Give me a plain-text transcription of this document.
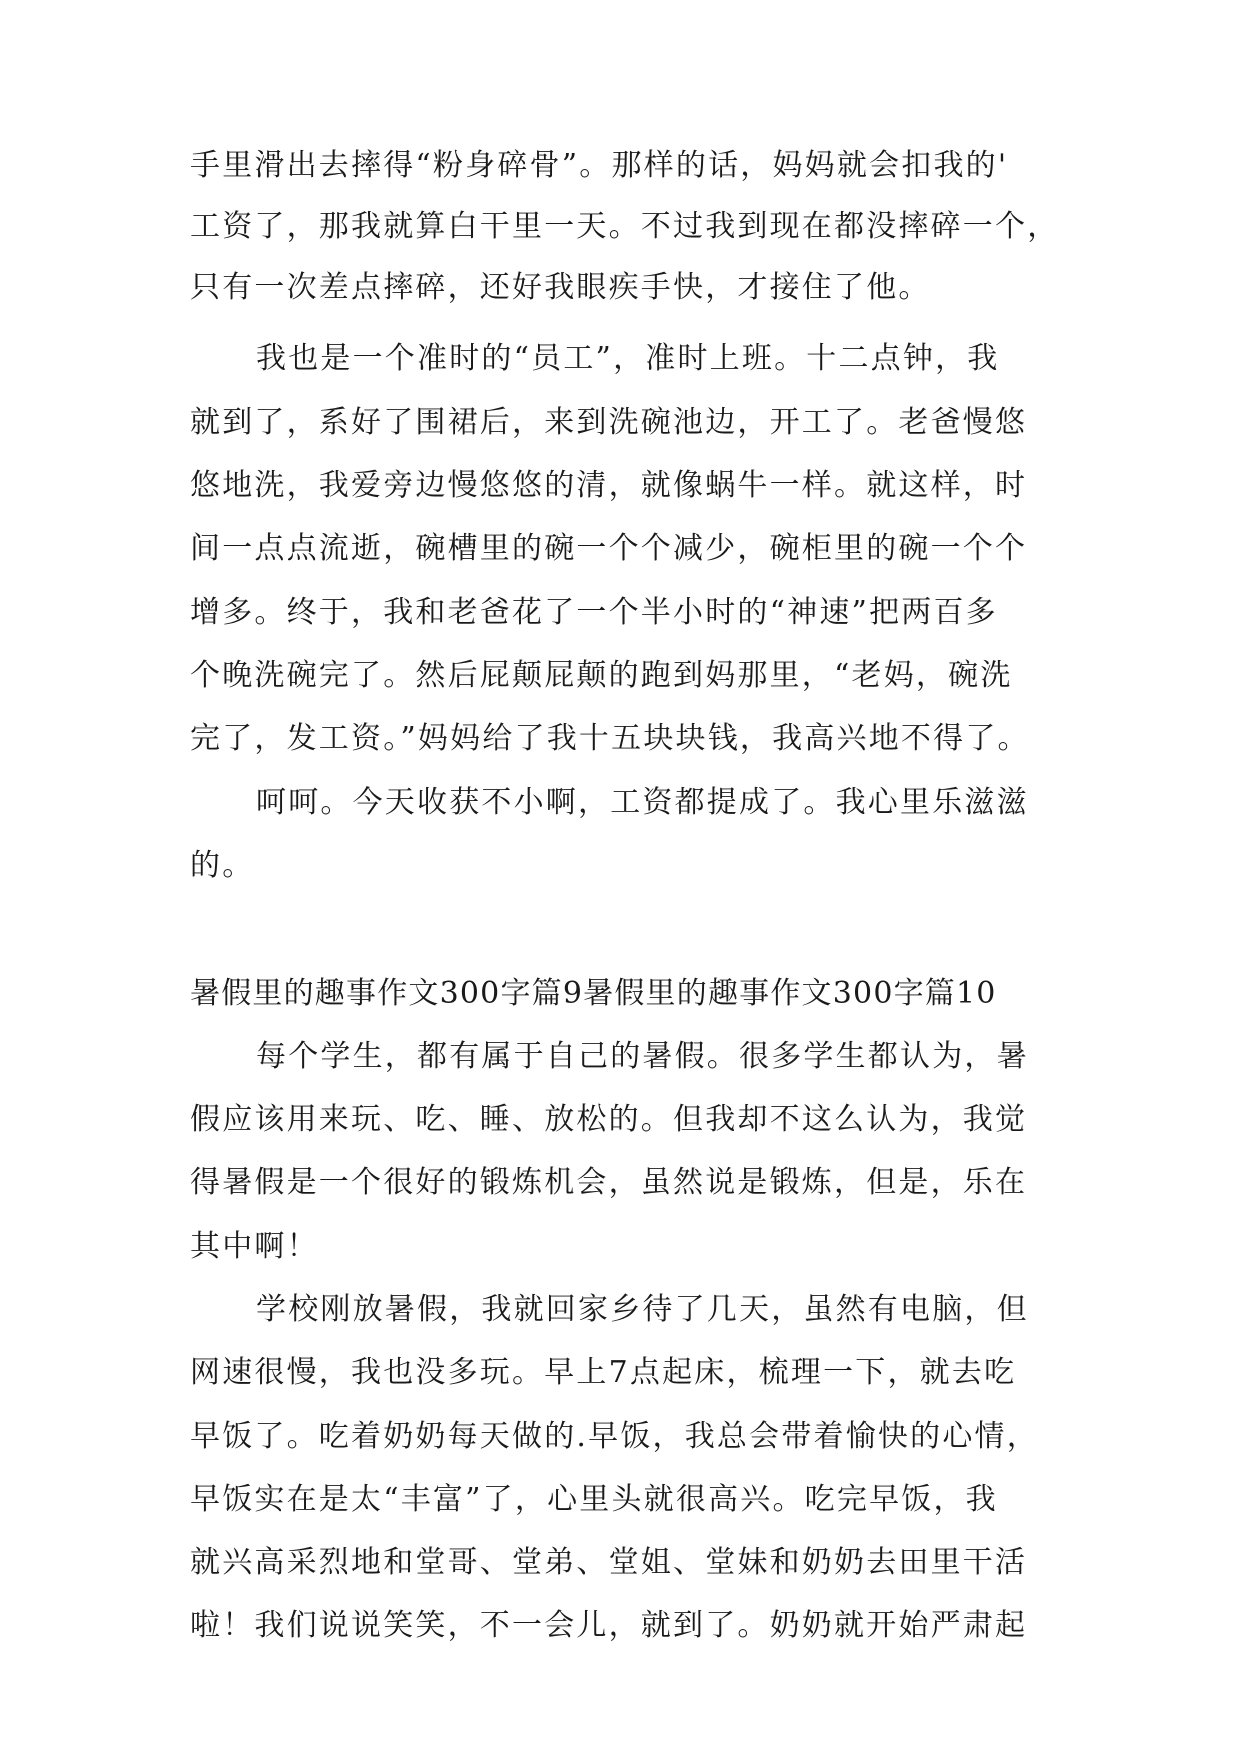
手里滑出去摔得“粉身碎骨”。那样的话，妈妈就会扣我的'
工资了，那我就算白干里一天。不过我到现在都没摔碎一个，
只有一次差点摔碎，还好我眼疾手快，才接住了他。
我也是一个准时的“员工”，准时上班。十二点钟，我
就到了，系好了围裙后，来到洗碗池边，开工了。老爸慢悠
悠地洗，我爱旁边慢悠悠的清，就像蜗牛一样。就这样，时
间一点点流逝，碗槽里的碗一个个减少，碗柜里的碗一个个
增多。终于，我和老爸花了一个半小时的“神速”把两百多
个晚洗碗完了。然后屁颠屁颠的跑到妈那里，“老妈，碗洗
完了，发工资。”妈妈给了我十五块块钱，我高兴地不得了。
呵呵。今天收获不小啊，工资都提成了。我心里乐滋滋
的。
暑假里的趣事作文300字篇9暑假里的趣事作文300字篇10
每个学生，都有属于自己的暑假。很多学生都认为，暑
假应该用来玩、吃、睡、放松的。但我却不这么认为，我觉
得暑假是一个很好的锻炼机会，虽然说是锻炼，但是，乐在
其中啊！
学校刚放暑假，我就回家乡待了几天，虽然有电脑，但
网速很慢，我也没多玩。早上7点起床，梳理一下，就去吃
早饭了。吃着奶奶每天做的.早饭，我总会带着愉快的心情，
早饭实在是太“丰富”了，心里头就很高兴。吃完早饭，我
就兴高采烈地和堂哥、堂弟、堂姐、堂妹和奶奶去田里干活
啦！我们说说笑笑，不一会儿，就到了。奶奶就开始严肃起
